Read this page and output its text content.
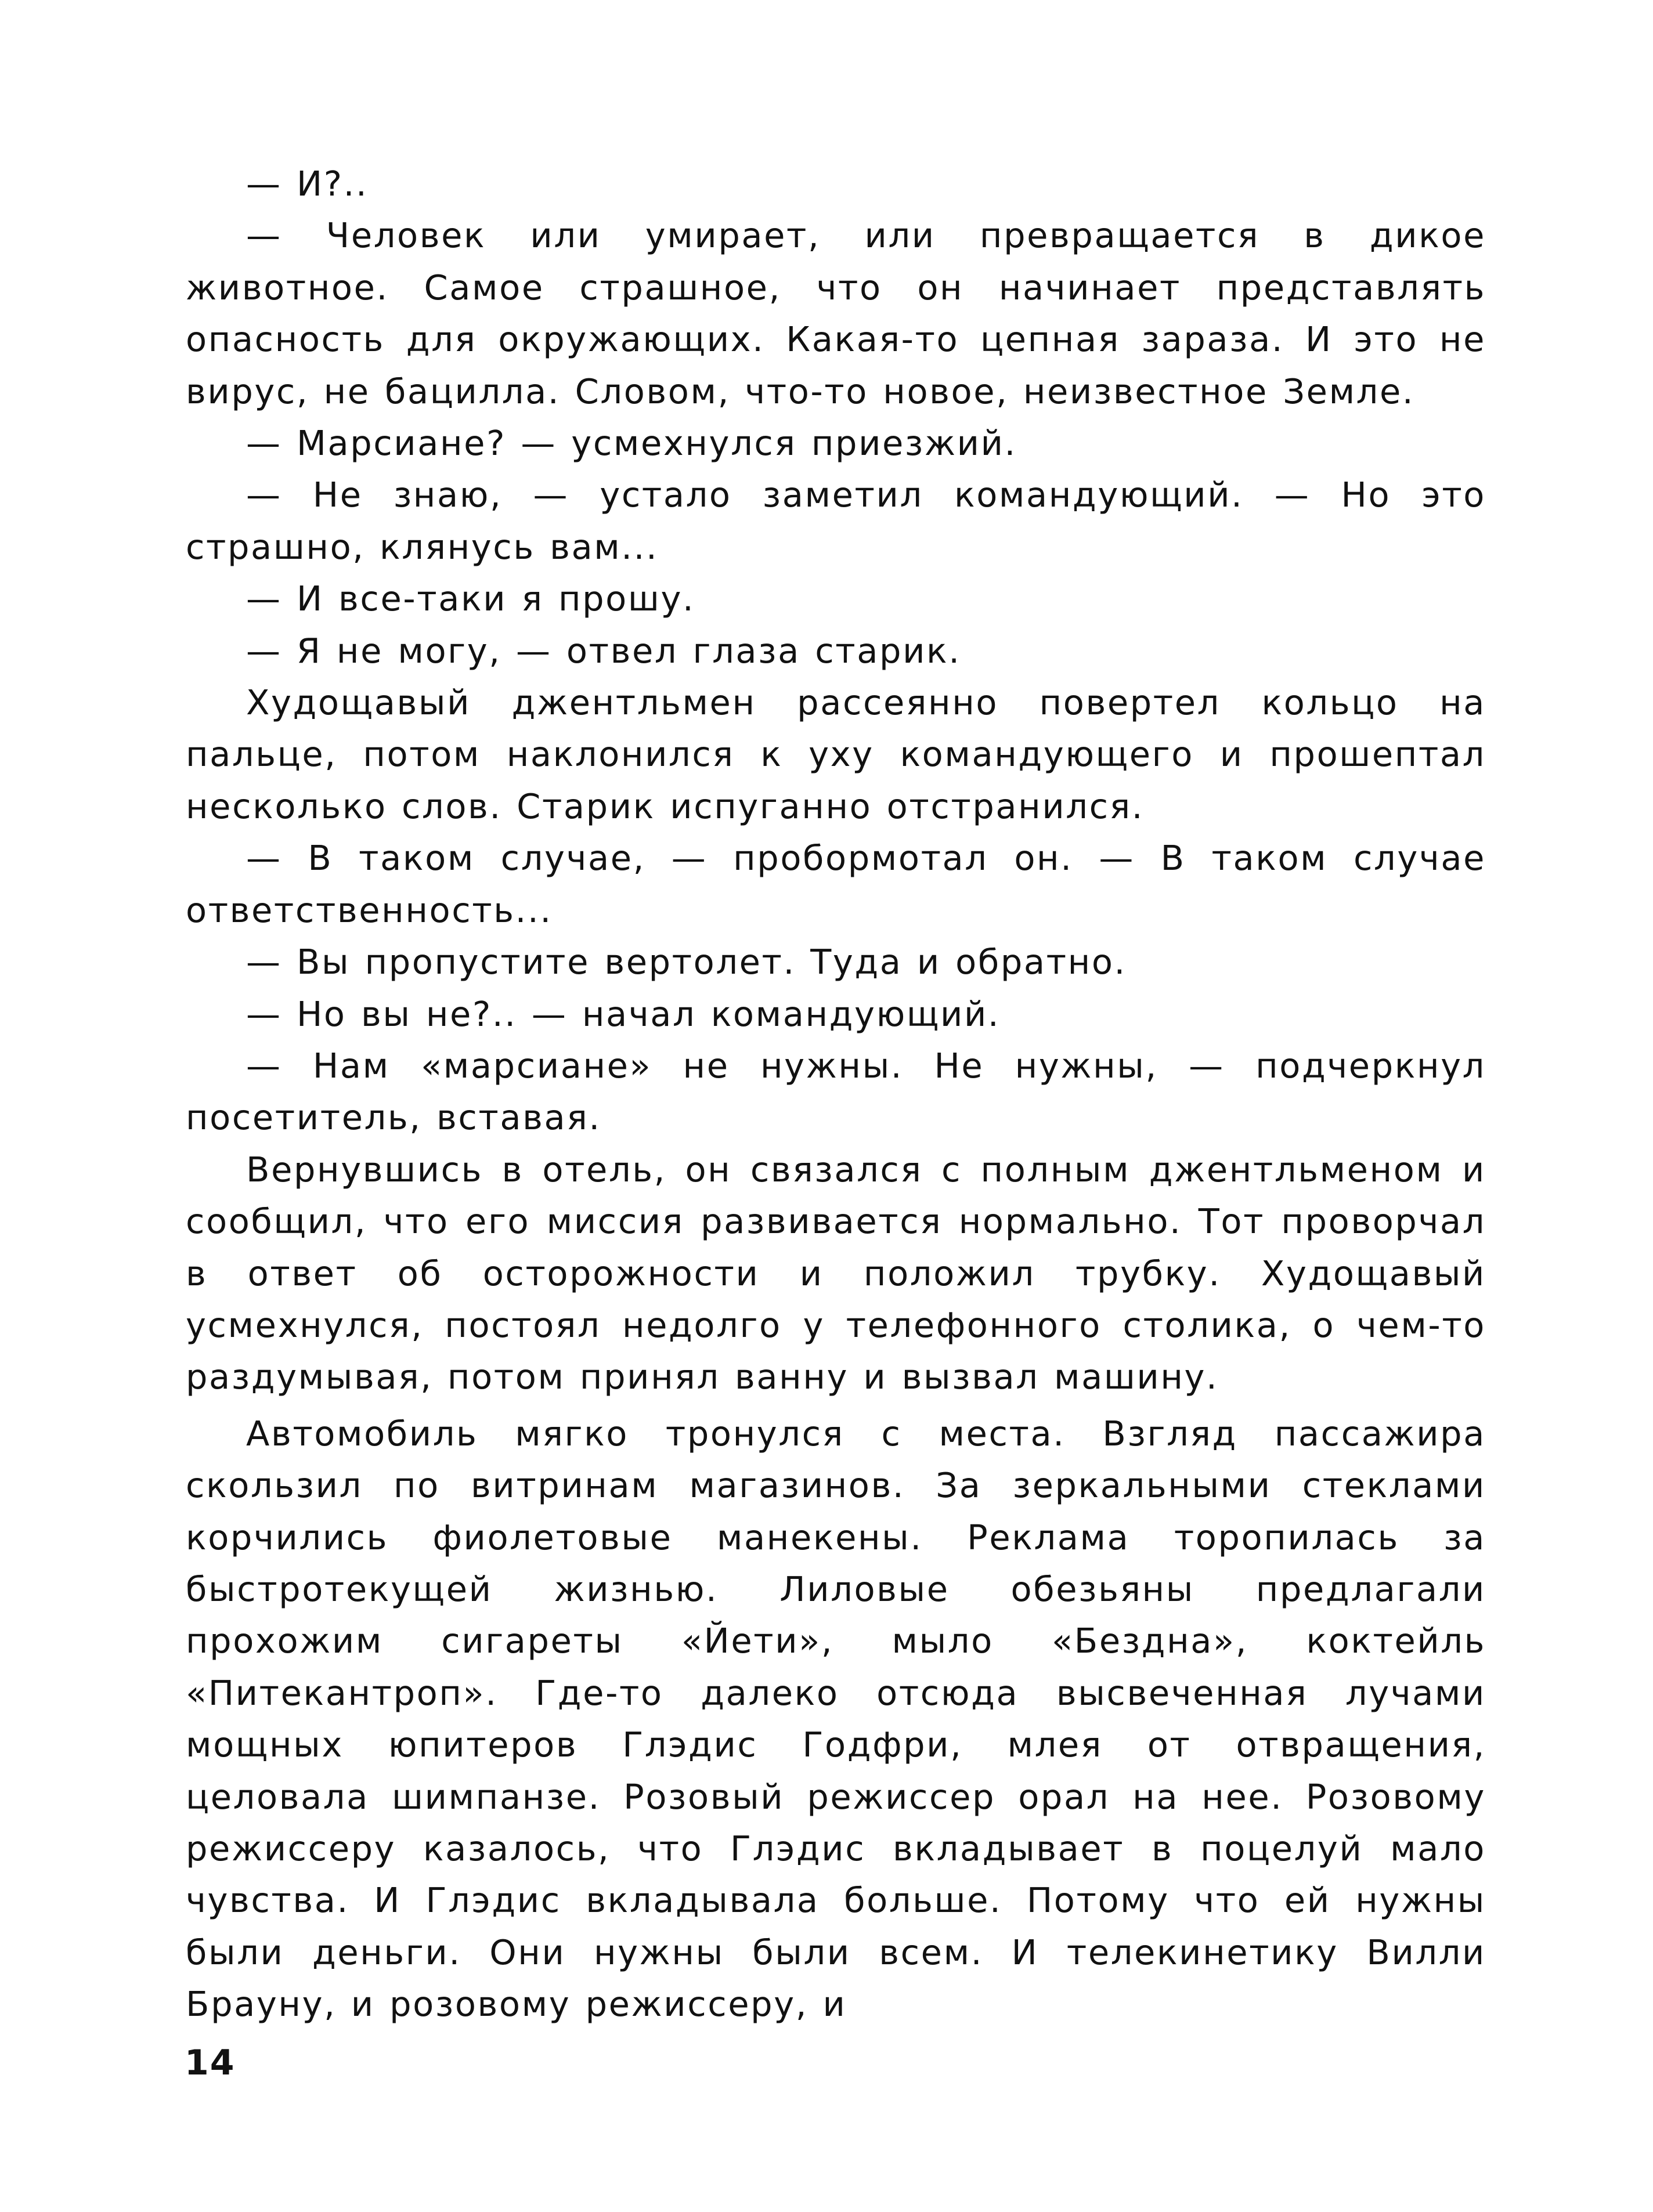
— И?..

— Человек или умирает, или превращается в дикое животное. Самое страшное, что он начинает представлять опасность для окружающих. Какая-то цепная зараза. И это не вирус, не бацилла. Словом, что-то новое, неизвестное Земле.

— Марсиане? — усмехнулся приезжий.

— Не знаю, — устало заметил командующий. — Но это страшно, клянусь вам...

— И все-таки я прошу.

— Я не могу, — отвел глаза старик.

Худощавый джентльмен рассеянно повертел кольцо на пальце, потом наклонился к уху командующего и прошептал несколько слов. Старик испуганно отстранился.

— В таком случае, — пробормотал он. — В таком случае ответственность...

— Вы пропустите вертолет. Туда и обратно.

— Но вы не?.. — начал командующий.

— Нам «марсиане» не нужны. Не нужны, — подчеркнул посетитель, вставая.

Вернувшись в отель, он связался с полным джентльменом и сообщил, что его миссия развивается нормально. Тот проворчал в ответ об осторожности и положил трубку. Худощавый усмехнулся, постоял недолго у телефонного столика, о чем-то раздумывая, потом принял ванну и вызвал машину.

Автомобиль мягко тронулся с места. Взгляд пассажира скользил по витринам магазинов. За зеркальными стеклами корчились фиолетовые манекены. Реклама торопилась за быстротекущей жизнью. Лиловые обезьяны предлагали прохожим сигареты «Йети», мыло «Бездна», коктейль «Питекантроп». Где-то далеко отсюда высвеченная лучами мощных юпитеров Глэдис Годфри, млея от отвращения, целовала шимпанзе. Розовый режиссер орал на нее. Розовому режиссеру казалось, что Глэдис вкладывает в поцелуй мало чувства. И Глэдис вкладывала больше. Потому что ей нужны были деньги. Они нужны были всем. И телекинетику Вилли Брауну, и розовому режиссеру, и

14
